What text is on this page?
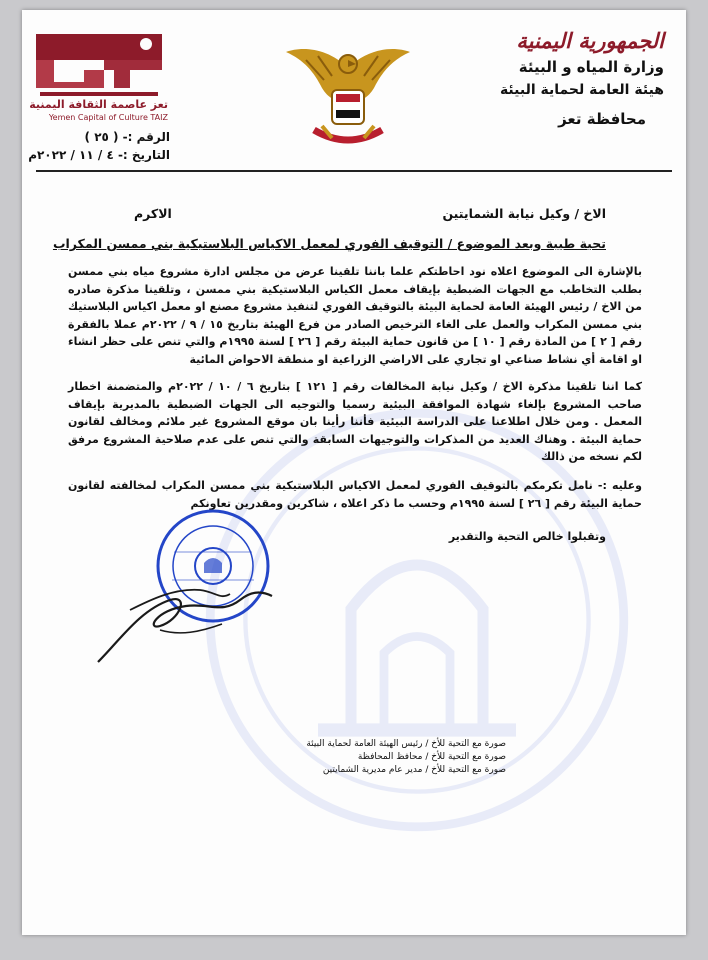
الجمهورية اليمنية
وزارة المياه و البيئة
هيئة العامة لحماية البيئة
محافظة تعز
تعز عاصمة الثقافة اليمنية
Yemen Capital of Culture TAIZ
الرقم :- ( ٢٥ )
التاريخ :- ٤ / ١١ / ٢٠٢٢م
الاخ / وكيل نيابة الشمايتين
الاكرم
تحية طيبة وبعد الموضوع / التوقيف الفوري لمعمل الاكياس البلاستيكية بني ممسن المكراب
بالإشارة الى الموضوع اعلاه نود احاطتكم علما باننا تلقينا عرض من مجلس ادارة مشروع مياه بني ممسن بطلب التخاطب مع الجهات الضبطية بإيقاف معمل الكياس البلاستيكية بني ممسن ، وتلقينا مذكرة صادره من الاخ / رئيس الهيئة العامة لحماية البيئة بالتوقيف الفوري لتنفيذ مشروع مصنع او معمل اكياس البلاستيك بني ممسن المكراب والعمل على الغاء الترخيص الصادر من فرع الهيئة بتاريخ ١٥ / ٩ / ٢٠٢٢م عملا بالفقرة رقم [ ٢ ] من المادة رقم [ ١٠ ] من قانون حماية البيئة رقم [ ٢٦ ] لسنة ١٩٩٥م والتي تنص على حظر انشاء او اقامة أي نشاط صناعي او تجاري على الاراضي الزراعية او منطقة الاحواض المائية
كما اننا تلقينا مذكرة الاخ / وكيل نيابة المخالفات رقم [ ١٢١ ] بتاريخ ٦ / ١٠ / ٢٠٢٢م والمتضمنة اخطار صاحب المشروع بإلغاء شهادة الموافقة البيئية رسميا والتوجيه الى الجهات الضبطية بالمديرية بإيقاف المعمل . ومن خلال اطلاعنا على الدراسة البيئية فأننا رأينا بان موقع المشروع غير ملائم ومخالف لقانون حماية البيئة . وهناك العديد من المذكرات والتوجيهات السابقة والتي تنص على عدم صلاحية المشروع مرفق لكم نسخه من ذالك
وعليه :- نامل تكرمكم بالتوقيف الفوري لمعمل الاكياس البلاستيكية بني ممسن المكراب لمخالفته لقانون حماية البيئة رقم [ ٢٦ ] لسنة ١٩٩٥م وحسب ما ذكر اعلاه ، شاكرين ومقدرين تعاونكم
وتقبلوا خالص التحية والتقدير
صورة مع التحية للأخ / رئيس الهيئة العامة لحماية البيئة
صورة مع التحية للأخ / محافظ المحافظة
صورة مع التحية للأخ / مدير عام مديرية الشمايتين
